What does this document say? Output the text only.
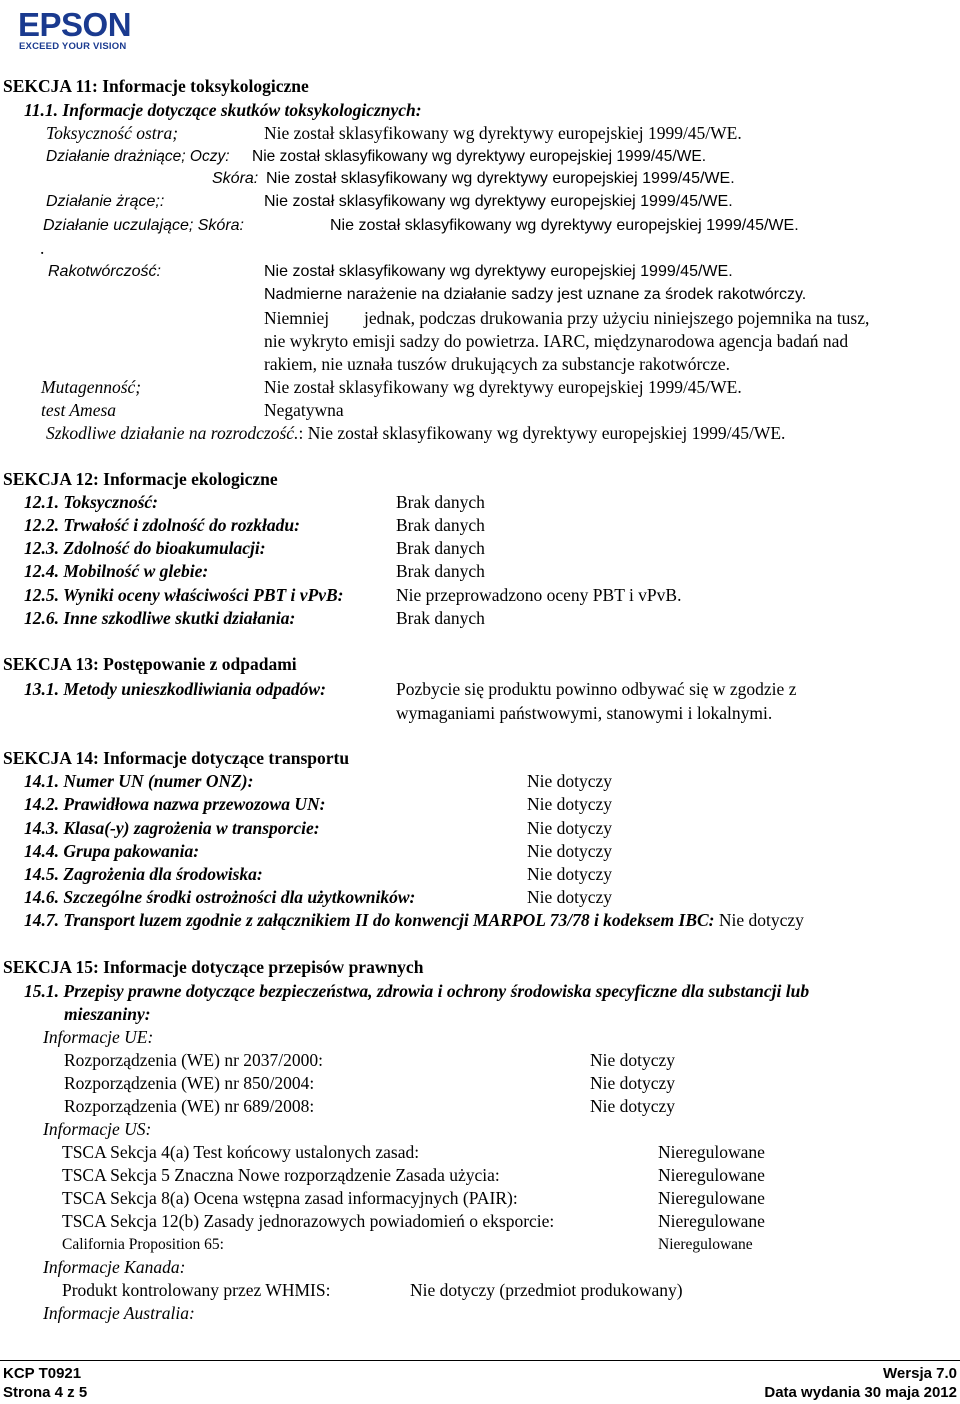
EPSON
EXCEED YOUR VISION
SEKCJA 11: Informacje toksykologiczne
11.1. Informacje dotyczące skutków toksykologicznych:
Toksyczność ostra;	Nie został sklasyfikowany wg dyrektywy europejskiej 1999/45/WE.
Działanie drażniące; Oczy: Nie został sklasyfikowany wg dyrektywy europejskiej 1999/45/WE.
Skóra: Nie został sklasyfikowany wg dyrektywy europejskiej 1999/45/WE.
Działanie żrące;:	Nie został sklasyfikowany wg dyrektywy europejskiej 1999/45/WE.
Działanie uczulające; Skóra:	Nie został sklasyfikowany wg dyrektywy europejskiej 1999/45/WE.
.
Rakotwórczość:	Nie został sklasyfikowany wg dyrektywy europejskiej 1999/45/WE.
Nadmierne narażenie na działanie sadzy jest uznane za środek rakotwórczy.
Niemniej jednak, podczas drukowania przy użyciu niniejszego pojemnika na tusz,
nie wykryto emisji sadzy do powietrza. IARC, międzynarodowa agencja badań nad
rakiem, nie uznała tuszów drukujących za substancje rakotwórcze.
Mutagenność;	Nie został sklasyfikowany wg dyrektywy europejskiej 1999/45/WE.
test Amesa	Negatywna
Szkodliwe działanie na rozrodczość.: Nie został sklasyfikowany wg dyrektywy europejskiej 1999/45/WE.
SEKCJA 12: Informacje ekologiczne
12.1. Toksyczność:	Brak danych
12.2. Trwałość i zdolność do rozkładu:	Brak danych
12.3. Zdolność do bioakumulacji:	Brak danych
12.4. Mobilność w glebie:	Brak danych
12.5. Wyniki oceny właściwości PBT i vPvB:	Nie przeprowadzono oceny PBT i vPvB.
12.6. Inne szkodliwe skutki działania:	Brak danych
SEKCJA 13: Postępowanie z odpadami
13.1. Metody unieszkodliwiania odpadów:	Pozbycie się produktu powinno odbywać się w zgodzie z
wymaganiami państwowymi, stanowymi i lokalnymi.
SEKCJA 14: Informacje dotyczące transportu
14.1. Numer UN (numer ONZ):	Nie dotyczy
14.2. Prawidłowa nazwa przewozowa UN:	Nie dotyczy
14.3. Klasa(-y) zagrożenia w transporcie:	Nie dotyczy
14.4. Grupa pakowania:	Nie dotyczy
14.5. Zagrożenia dla środowiska:	Nie dotyczy
14.6. Szczególne środki ostrożności dla użytkowników:	Nie dotyczy
14.7. Transport luzem zgodnie z załącznikiem II do konwencji MARPOL 73/78 i kodeksem IBC: Nie dotyczy
SEKCJA 15: Informacje dotyczące przepisów prawnych
15.1. Przepisy prawne dotyczące bezpieczeństwa, zdrowia i ochrony środowiska specyficzne dla substancji lub
mieszaniny:
Informacje UE:
Rozporządzenia (WE) nr 2037/2000:	Nie dotyczy
Rozporządzenia (WE) nr 850/2004:	Nie dotyczy
Rozporządzenia (WE) nr 689/2008:	Nie dotyczy
Informacje US:
TSCA Sekcja 4(a) Test końcowy ustalonych zasad:	Nieregulowane
TSCA Sekcja 5 Znaczna Nowe rozporządzenie Zasada użycia:	Nieregulowane
TSCA Sekcja 8(a) Ocena wstępna zasad informacyjnych (PAIR):	Nieregulowane
TSCA Sekcja 12(b) Zasady jednorazowych powiadomień o eksporcie:	Nieregulowane
California Proposition 65:	Nieregulowane
Informacje Kanada:
Produkt kontrolowany przez WHMIS:	Nie dotyczy (przedmiot produkowany)
Informacje Australia:
KCP T0921
Strona 4 z 5
Wersja 7.0
Data wydania 30 maja 2012
